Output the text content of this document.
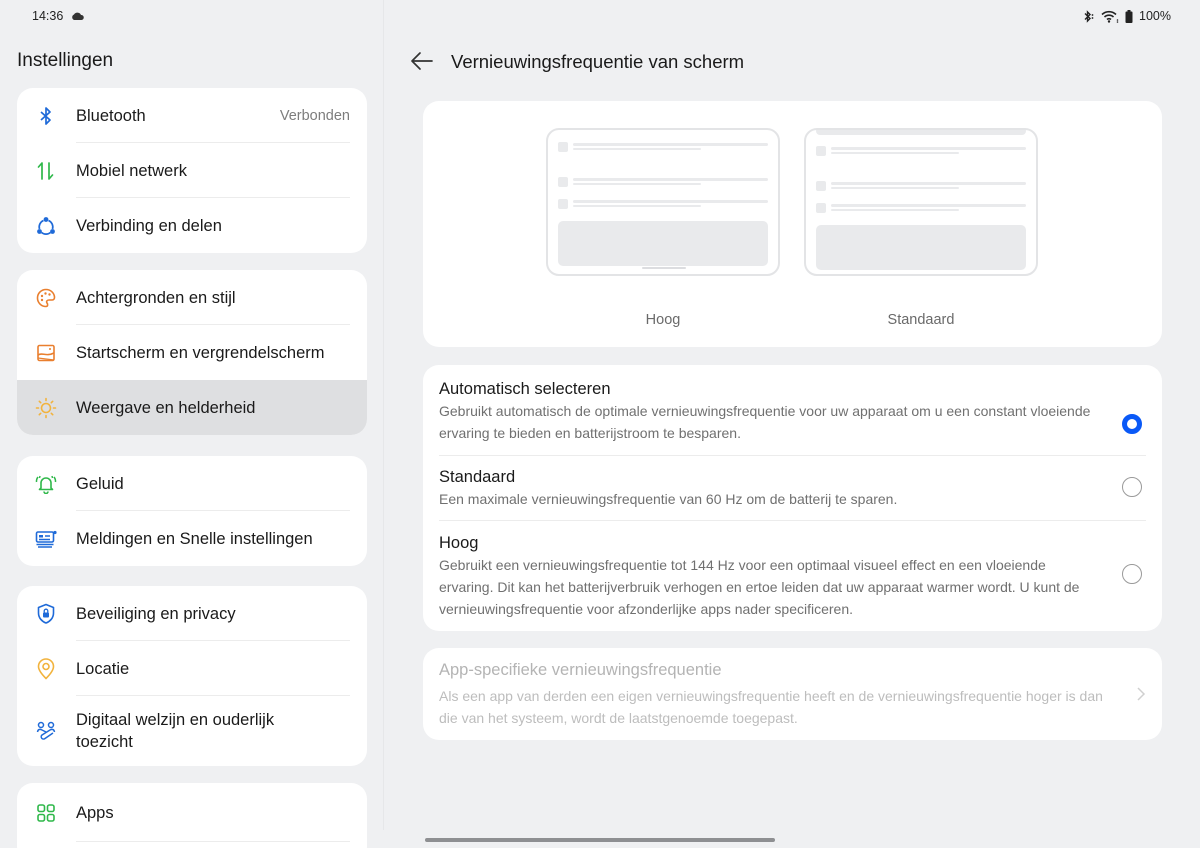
14:36	100%
Instellingen
Bluetooth	Verbonden
Mobiel netwerk
Verbinding en delen
Achtergronden en stijl
Startscherm en vergrendelscherm
Weergave en helderheid
Geluid
Meldingen en Snelle instellingen
Beveiliging en privacy
Locatie
Digitaal welzijn en ouderlijk
toezicht
Apps
Vernieuwingsfrequentie van scherm
Hoog	Standaard
Automatisch selecteren
Gebruikt automatisch de optimale vernieuwingsfrequentie voor uw apparaat om u een constant vloeiende ervaring te bieden en batterijstroom te besparen.
Standaard
Een maximale vernieuwingsfrequentie van 60 Hz om de batterij te sparen.
Hoog
Gebruikt een vernieuwingsfrequentie tot 144 Hz voor een optimaal visueel effect en een vloeiende ervaring. Dit kan het batterijverbruik verhogen en ertoe leiden dat uw apparaat warmer wordt. U kunt de vernieuwingsfrequentie voor afzonderlijke apps nader specificeren.
App-specifieke vernieuwingsfrequentie
Als een app van derden een eigen vernieuwingsfrequentie heeft en de vernieuwingsfrequentie hoger is dan die van het systeem, wordt de laatstgenoemde toegepast.
